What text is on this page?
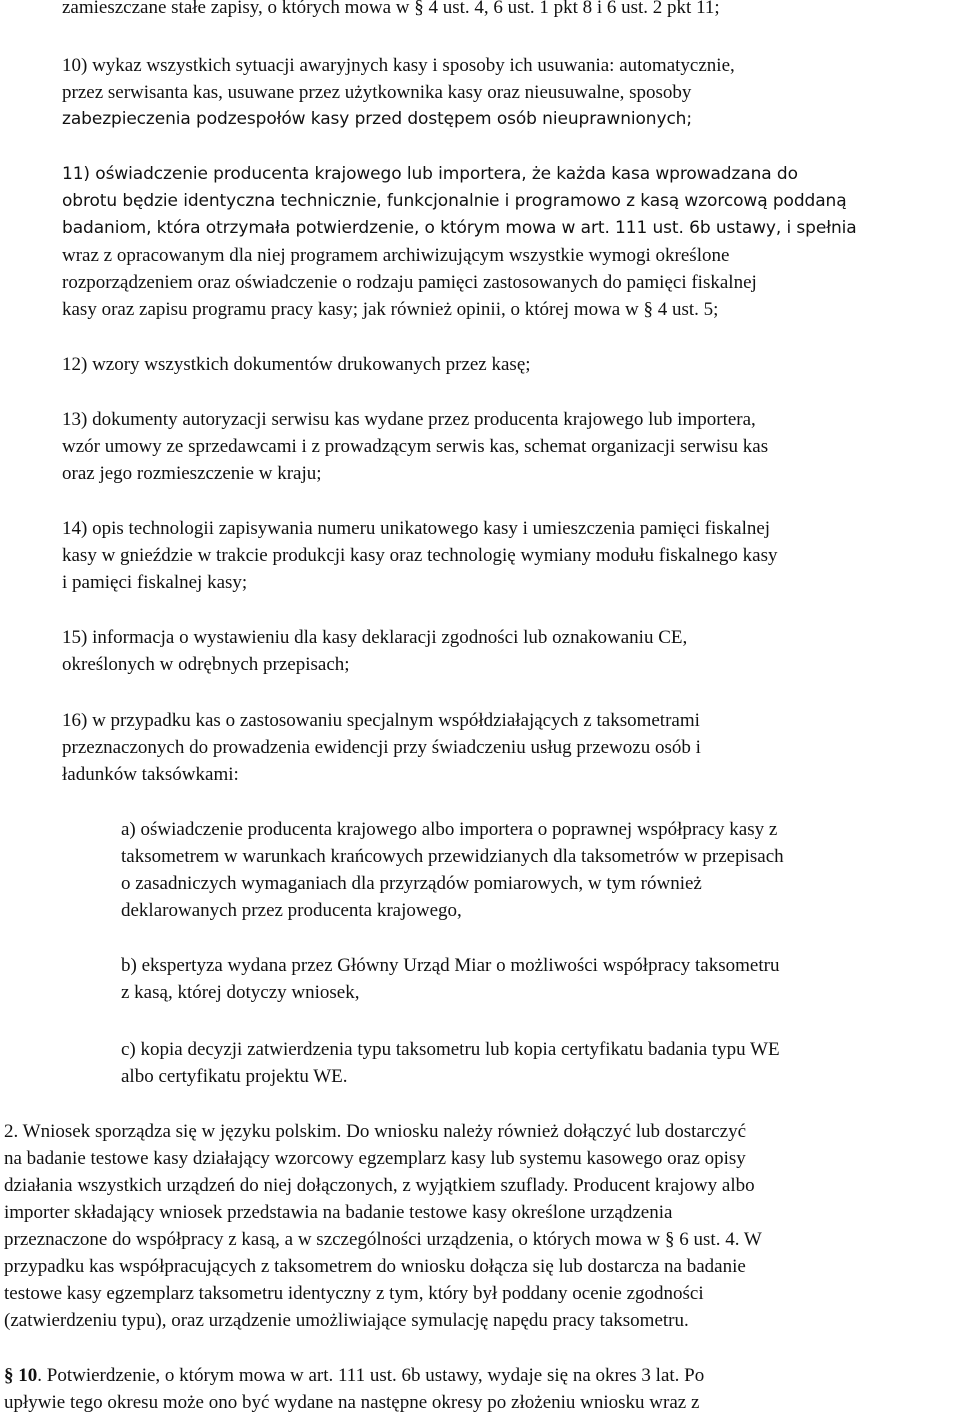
zamieszczane stałe zapisy, o których mowa w § 4 ust. 4, 6 ust. 1 pkt 8 i 6 ust. 2 pkt 11;
10) wykaz wszystkich sytuacji awaryjnych kasy i sposoby ich usuwania: automatycznie,
przez serwisanta kas, usuwane przez użytkownika kasy oraz nieusuwalne, sposoby
zabezpieczenia podzespołów kasy przed dostępem osób nieuprawnionych;
11) oświadczenie producenta krajowego lub importera, że każda kasa wprowadzana do
obrotu będzie identyczna technicznie, funkcjonalnie i programowo z kasą wzorcową poddaną
badaniom, która otrzymała potwierdzenie, o którym mowa w art. 111 ust. 6b ustawy, i spełnia
wraz z opracowanym dla niej programem archiwizującym wszystkie wymogi określone
rozporządzeniem oraz oświadczenie o rodzaju pamięci zastosowanych do pamięci fiskalnej
kasy oraz zapisu programu pracy kasy; jak również opinii, o której mowa w § 4 ust. 5;
12) wzory wszystkich dokumentów drukowanych przez kasę;
13) dokumenty autoryzacji serwisu kas wydane przez producenta krajowego lub importera,
wzór umowy ze sprzedawcami i z prowadzącym serwis kas, schemat organizacji serwisu kas
oraz jego rozmieszczenie w kraju;
14) opis technologii zapisywania numeru unikatowego kasy i umieszczenia pamięci fiskalnej
kasy w gnieździe w trakcie produkcji kasy oraz technologię wymiany modułu fiskalnego kasy
i pamięci fiskalnej kasy;
15) informacja o wystawieniu dla kasy deklaracji zgodności lub oznakowaniu CE,
określonych w odrębnych przepisach;
16) w przypadku kas o zastosowaniu specjalnym współdziałających z taksometrami
przeznaczonych do prowadzenia ewidencji przy świadczeniu usług przewozu osób i
ładunków taksówkami:
a) oświadczenie producenta krajowego albo importera o poprawnej współpracy kasy z
taksometrem w warunkach krańcowych przewidzianych dla taksometrów w przepisach
o zasadniczych wymaganiach dla przyrządów pomiarowych, w tym również
deklarowanych przez producenta krajowego,
b) ekspertyza wydana przez Główny Urząd Miar o możliwości współpracy taksometru
z kasą, której dotyczy wniosek,
c) kopia decyzji zatwierdzenia typu taksometru lub kopia certyfikatu badania typu WE
albo certyfikatu projektu WE.
2. Wniosek sporządza się w języku polskim. Do wniosku należy również dołączyć lub dostarczyć
na badanie testowe kasy działający wzorcowy egzemplarz kasy lub systemu kasowego oraz opisy
działania wszystkich urządzeń do niej dołączonych, z wyjątkiem szuflady. Producent krajowy albo
importer składający wniosek przedstawia na badanie testowe kasy określone urządzenia
przeznaczone do współpracy z kasą, a w szczególności urządzenia, o których mowa w § 6 ust. 4. W
przypadku kas współpracujących z taksometrem do wniosku dołącza się lub dostarcza na badanie
testowe kasy egzemplarz taksometru identyczny z tym, który był poddany ocenie zgodności
(zatwierdzeniu typu), oraz urządzenie umożliwiające symulację napędu pracy taksometru.
§ 10. Potwierdzenie, o którym mowa w art. 111 ust. 6b ustawy, wydaje się na okres 3 lat. Po
upływie tego okresu może ono być wydane na następne okresy po złożeniu wniosku wraz z
